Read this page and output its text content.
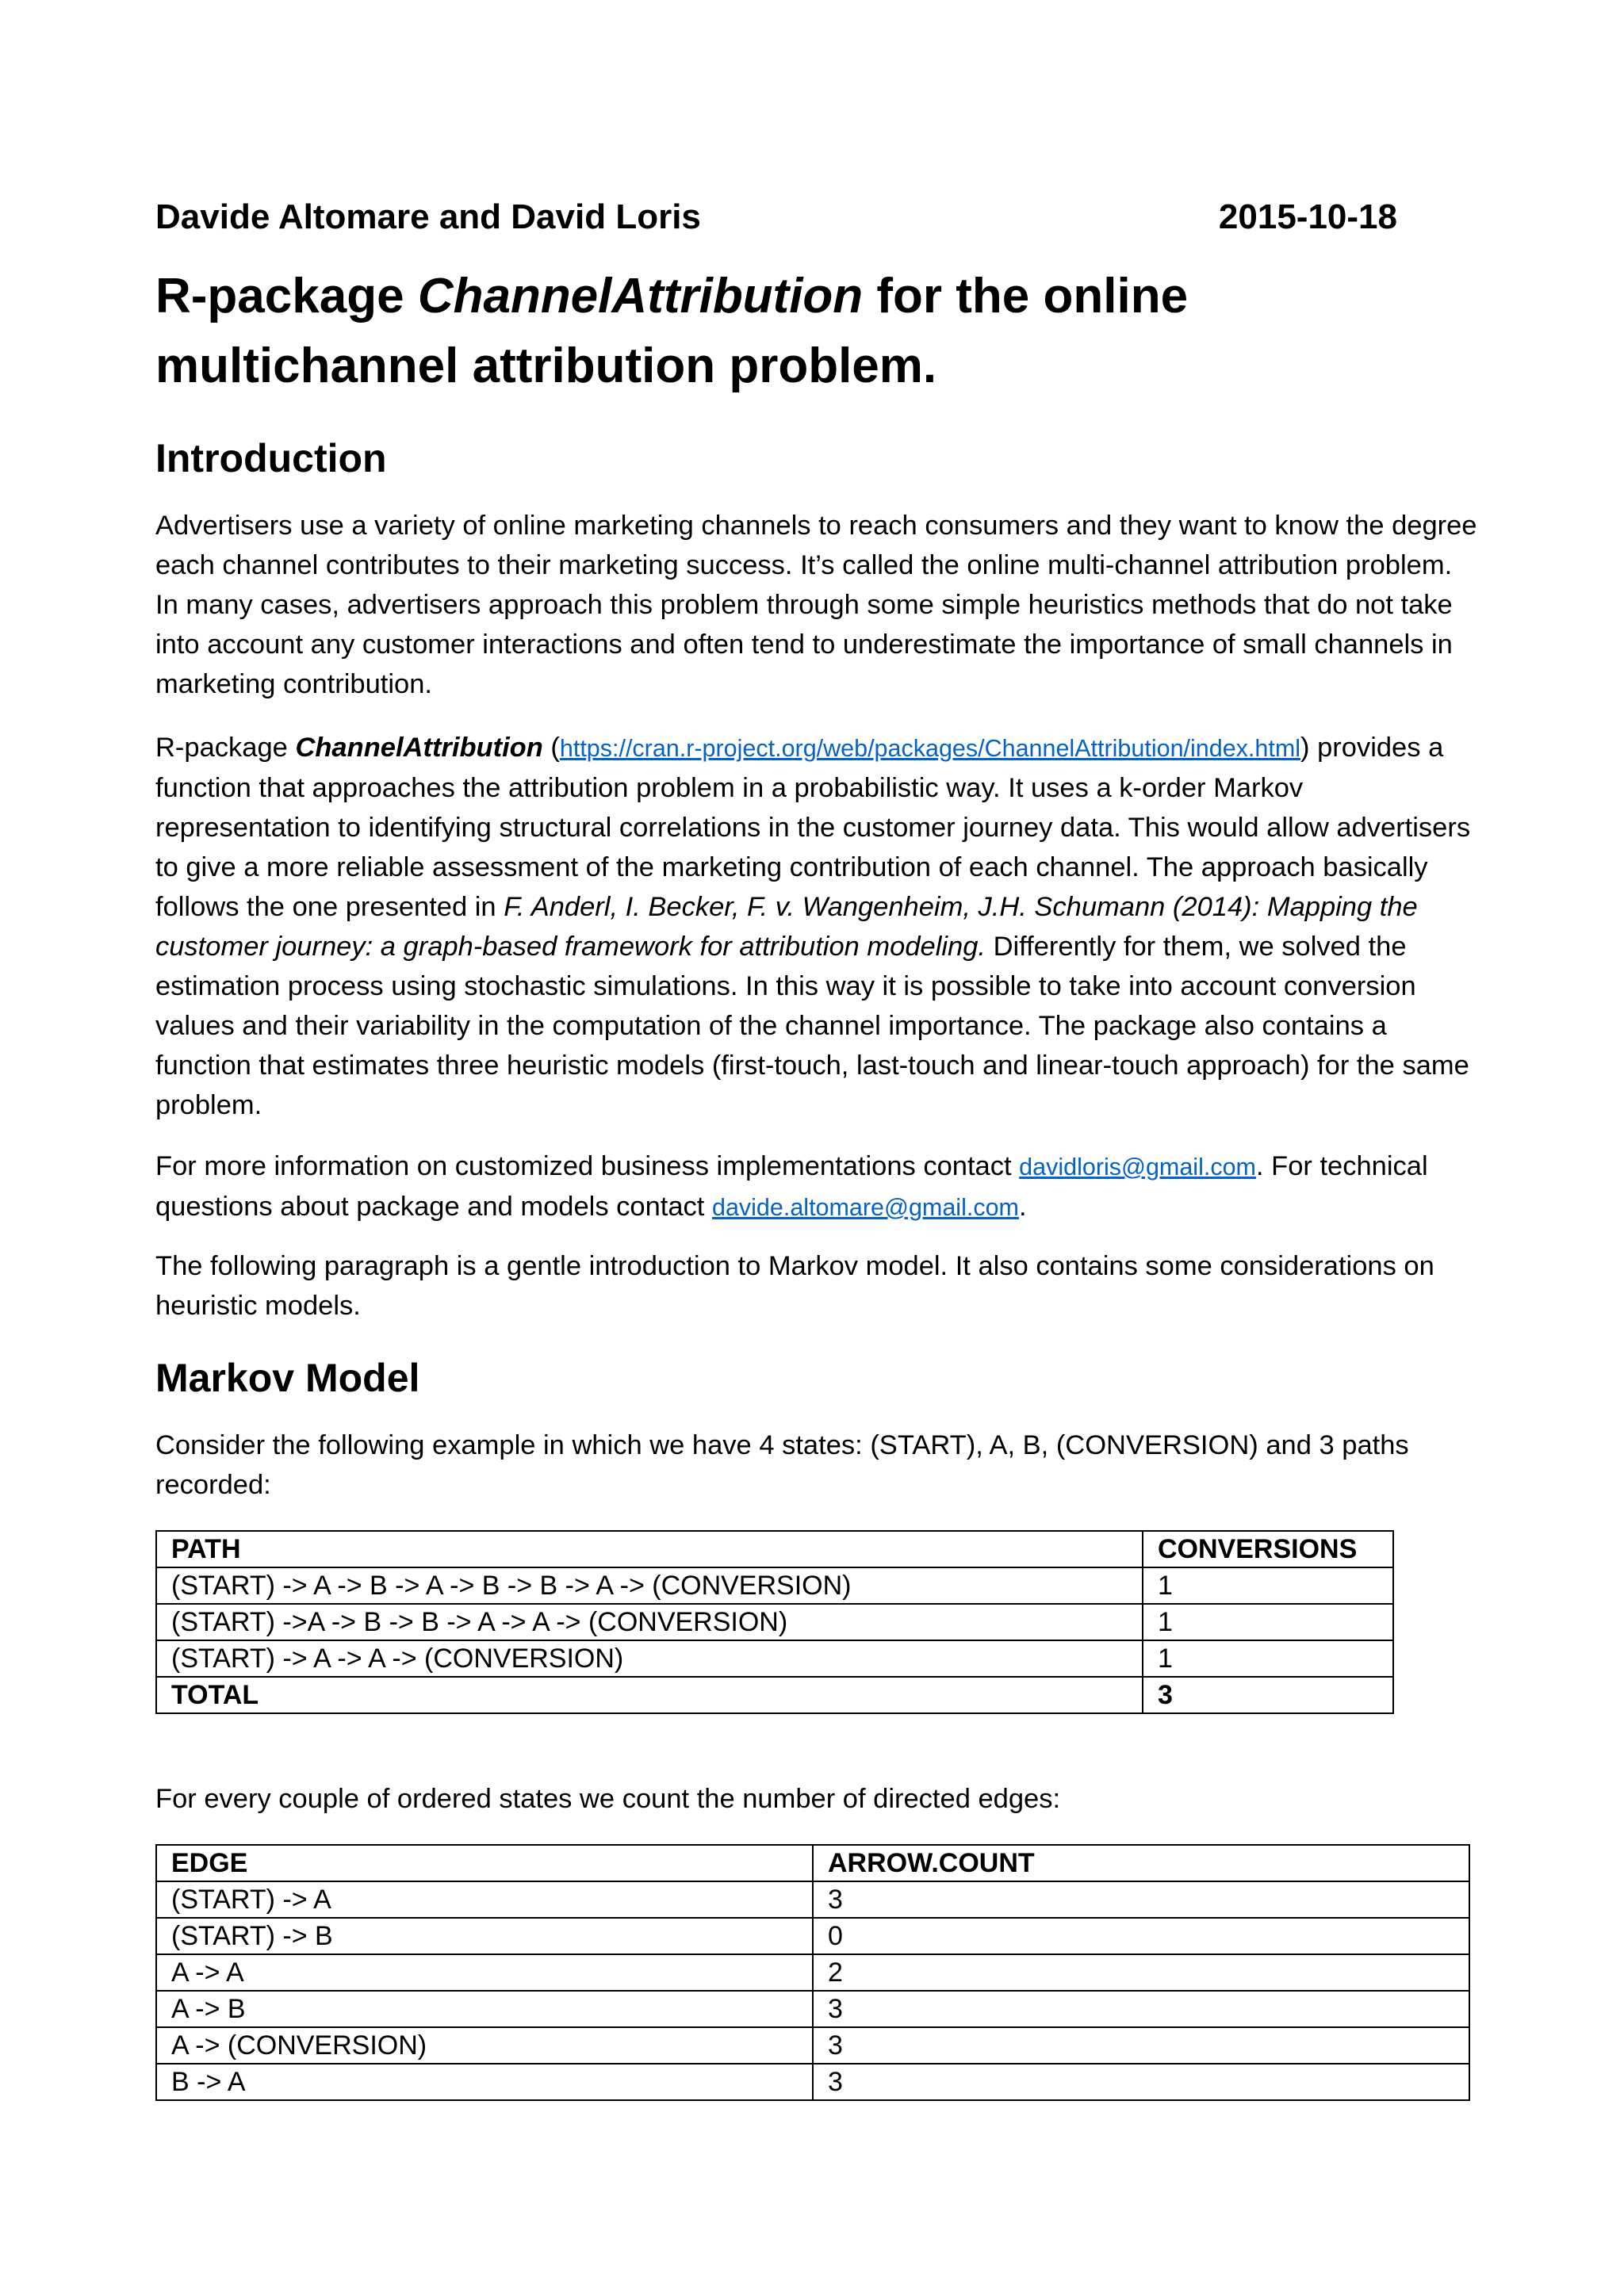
Davide Altomare and David Loris	2015-10-18
R-package ChannelAttribution for the online multichannel attribution problem.
Introduction

Advertisers use a variety of online marketing channels to reach consumers and they want to know the degree each channel contributes to their marketing success. It’s called the online multi-channel attribution problem. In many cases, advertisers approach this problem through some simple heuristics methods that do not take into account any customer interactions and often tend to underestimate the importance of small channels in marketing contribution.

R-package ChannelAttribution (https://cran.r-project.org/web/packages/ChannelAttribution/index.html) provides a function that approaches the attribution problem in a probabilistic way. It uses a k-order Markov representation to identifying structural correlations in the customer journey data. This would allow advertisers to give a more reliable assessment of the marketing contribution of each channel. The approach basically follows the one presented in F. Anderl, I. Becker, F. v. Wangenheim, J.H. Schumann (2014): Mapping the customer journey: a graph-based framework for attribution modeling. Differently for them, we solved the estimation process using stochastic simulations. In this way it is possible to take into account conversion values and their variability in the computation of the channel importance. The package also contains a function that estimates three heuristic models (first-touch, last-touch and linear-touch approach) for the same problem.

For more information on customized business implementations contact davidloris@gmail.com. For technical questions about package and models contact davide.altomare@gmail.com.

The following paragraph is a gentle introduction to Markov model. It also contains some considerations on heuristic models.

Markov Model

Consider the following example in which we have 4 states: (START), A, B, (CONVERSION) and 3 paths recorded:

PATH	CONVERSIONS
(START) -> A -> B -> A -> B -> B -> A -> (CONVERSION)	1
(START) ->A -> B -> B -> A -> A -> (CONVERSION)	1
(START) -> A -> A -> (CONVERSION)	1
TOTAL	3

For every couple of ordered states we count the number of directed edges:

EDGE	ARROW.COUNT
(START) -> A	3
(START) -> B	0
A -> A	2
A -> B	3
A -> (CONVERSION)	3
B -> A	3
